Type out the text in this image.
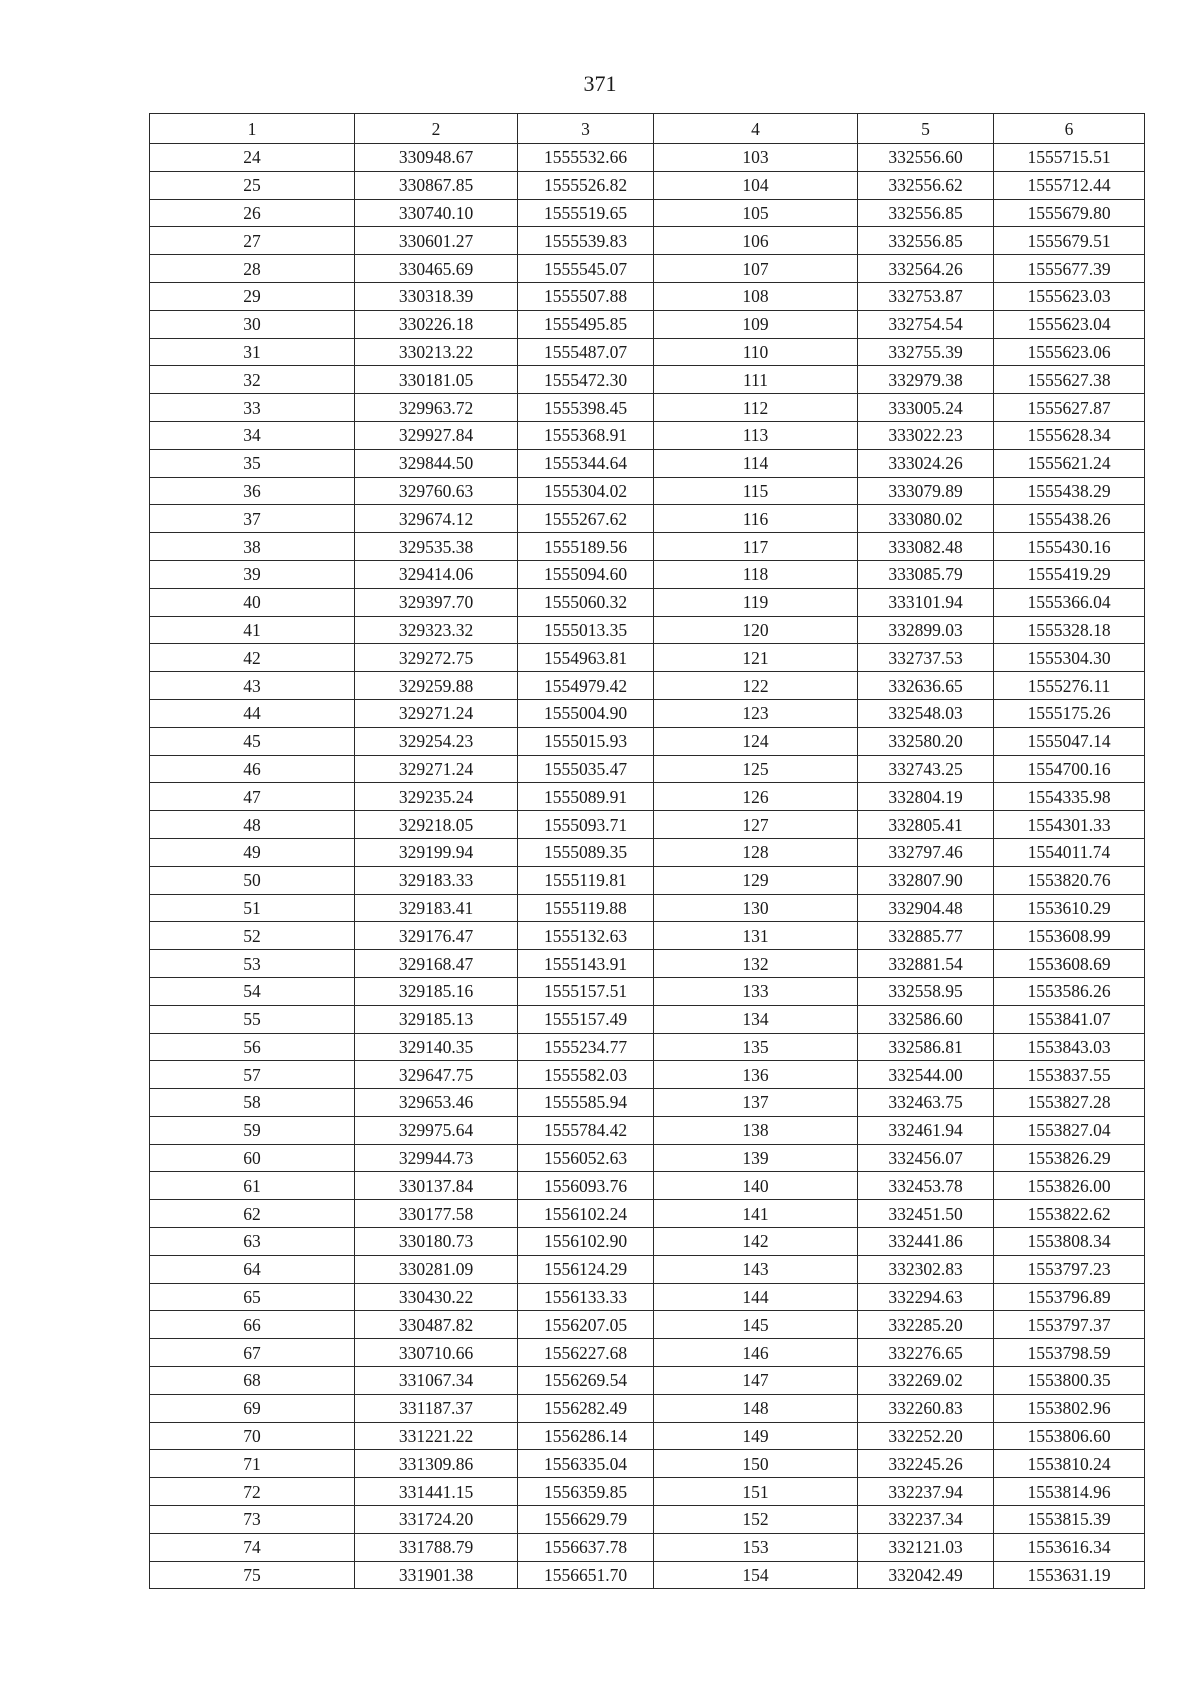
371
1	2	3	4	5	6
24	330948.67	1555532.66	103	332556.60	1555715.51
25	330867.85	1555526.82	104	332556.62	1555712.44
26	330740.10	1555519.65	105	332556.85	1555679.80
27	330601.27	1555539.83	106	332556.85	1555679.51
28	330465.69	1555545.07	107	332564.26	1555677.39
29	330318.39	1555507.88	108	332753.87	1555623.03
30	330226.18	1555495.85	109	332754.54	1555623.04
31	330213.22	1555487.07	110	332755.39	1555623.06
32	330181.05	1555472.30	111	332979.38	1555627.38
33	329963.72	1555398.45	112	333005.24	1555627.87
34	329927.84	1555368.91	113	333022.23	1555628.34
35	329844.50	1555344.64	114	333024.26	1555621.24
36	329760.63	1555304.02	115	333079.89	1555438.29
37	329674.12	1555267.62	116	333080.02	1555438.26
38	329535.38	1555189.56	117	333082.48	1555430.16
39	329414.06	1555094.60	118	333085.79	1555419.29
40	329397.70	1555060.32	119	333101.94	1555366.04
41	329323.32	1555013.35	120	332899.03	1555328.18
42	329272.75	1554963.81	121	332737.53	1555304.30
43	329259.88	1554979.42	122	332636.65	1555276.11
44	329271.24	1555004.90	123	332548.03	1555175.26
45	329254.23	1555015.93	124	332580.20	1555047.14
46	329271.24	1555035.47	125	332743.25	1554700.16
47	329235.24	1555089.91	126	332804.19	1554335.98
48	329218.05	1555093.71	127	332805.41	1554301.33
49	329199.94	1555089.35	128	332797.46	1554011.74
50	329183.33	1555119.81	129	332807.90	1553820.76
51	329183.41	1555119.88	130	332904.48	1553610.29
52	329176.47	1555132.63	131	332885.77	1553608.99
53	329168.47	1555143.91	132	332881.54	1553608.69
54	329185.16	1555157.51	133	332558.95	1553586.26
55	329185.13	1555157.49	134	332586.60	1553841.07
56	329140.35	1555234.77	135	332586.81	1553843.03
57	329647.75	1555582.03	136	332544.00	1553837.55
58	329653.46	1555585.94	137	332463.75	1553827.28
59	329975.64	1555784.42	138	332461.94	1553827.04
60	329944.73	1556052.63	139	332456.07	1553826.29
61	330137.84	1556093.76	140	332453.78	1553826.00
62	330177.58	1556102.24	141	332451.50	1553822.62
63	330180.73	1556102.90	142	332441.86	1553808.34
64	330281.09	1556124.29	143	332302.83	1553797.23
65	330430.22	1556133.33	144	332294.63	1553796.89
66	330487.82	1556207.05	145	332285.20	1553797.37
67	330710.66	1556227.68	146	332276.65	1553798.59
68	331067.34	1556269.54	147	332269.02	1553800.35
69	331187.37	1556282.49	148	332260.83	1553802.96
70	331221.22	1556286.14	149	332252.20	1553806.60
71	331309.86	1556335.04	150	332245.26	1553810.24
72	331441.15	1556359.85	151	332237.94	1553814.96
73	331724.20	1556629.79	152	332237.34	1553815.39
74	331788.79	1556637.78	153	332121.03	1553616.34
75	331901.38	1556651.70	154	332042.49	1553631.19
